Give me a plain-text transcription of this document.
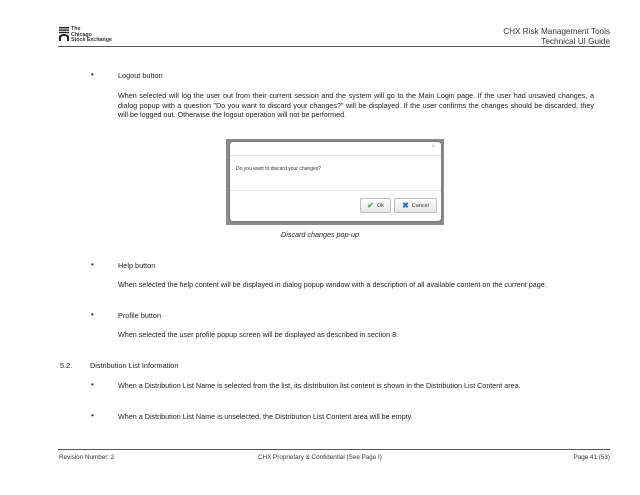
The
Chicago
Stock Exchange
CHX Risk Management Tools
Technical UI Guide
•	Logout button
When selected will log the user out from their current session and the system will go to the Main Login page. If the user had unsaved changes, a dialog popup with a question "Do you want to discard your changes?" will be displayed. If the user confirms the changes should be discarded, they will be logged out. Otherwise the logout operation will not be performed.
×
Do you want to discard your changes?
✔ Ok ✖ Cancel
Discard changes pop-up
•	Help button
When selected the help content will be displayed in dialog popup window with a description of all available content on the current page.
•	Profile button
When selected the user profile popup screen will be displayed as described in section 8.
5.2. Distribution List Information
•	When a Distribution List Name is selected from the list, its distribution list content is shown in the Distribution List Content area.
•	When a Distribution List Name is unselected, the Distribution List Content area will be empty.
Revision Number: 2	CHX Proprietary & Confidential (See Page I)	Page 41 (53)
